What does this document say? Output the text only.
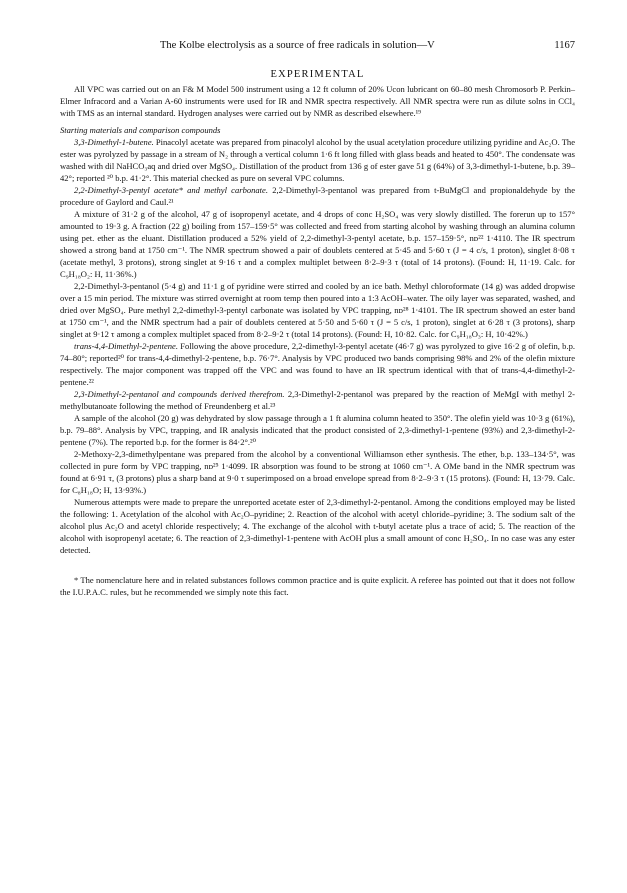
The Kolbe electrolysis as a source of free radicals in solution—V	1167
EXPERIMENTAL

All VPC was carried out on an F& M Model 500 instrument using a 12 ft column of 20% Ucon lubricant on 60–80 mesh Chromosorb P. Perkin–Elmer Infracord and a Varian A-60 instruments were used for IR and NMR spectra respectively. All NMR spectra were run as dilute solns in CCl₄ with TMS as an internal standard. Hydrogen analyses were carried out by NMR as described elsewhere.¹⁹

Starting materials and comparison compounds

3,3-Dimethyl-1-butene. Pinacolyl acetate was prepared from pinacolyl alcohol by the usual acetylation procedure utilizing pyridine and Ac₂O. The ester was pyrolyzed by passage in a stream of N₂ through a vertical column 1·6 ft long filled with glass beads and heated to 450°. The condensate was washed with dil NaHCO₃aq and dried over MgSO₄. Distillation of the product from 136 g of ester gave 51 g (64%) of 3,3-dimethyl-1-butene, b.p. 39–42°; reported ²⁰ b.p. 41·2°. This material checked as pure on several VPC columns.

2,2-Dimethyl-3-pentyl acetate* and methyl carbonate. 2,2-Dimethyl-3-pentanol was prepared from t-BuMgCl and propionaldehyde by the procedure of Gaylord and Caul.²¹

A mixture of 31·2 g of the alcohol, 47 g of isopropenyl acetate, and 4 drops of conc H₂SO₄ was very slowly distilled. The forerun up to 157° amounted to 19·3 g. A fraction (22 g) boiling from 157–159·5° was collected and freed from starting alcohol by washing through an alumina column using pet. ether as the eluant. Distillation produced a 52% yield of 2,2-dimethyl-3-pentyl acetate, b.p. 157–159·5°, nᴅ²² 1·4110. The IR spectrum showed a strong band at 1750 cm⁻¹. The NMR spectrum showed a pair of doublets centered at 5·45 and 5·60 τ (J = 4 c/s, 1 proton), singlet 8·08 τ (acetate methyl, 3 protons), strong singlet at 9·16 τ and a complex multiplet between 8·2–9·3 τ (total of 14 protons). (Found: H, 11·19. Calc. for C₉H₁₈O₂: H, 11·36%.)

2,2-Dimethyl-3-pentanol (5·4 g) and 11·1 g of pyridine were stirred and cooled by an ice bath. Methyl chloroformate (14 g) was added dropwise over a 15 min period. The mixture was stirred overnight at room temp then poured into a 1:3 AcOH–water. The oily layer was separated, washed, and dried over MgSO₄. Pure methyl 2,2-dimethyl-3-pentyl carbonate was isolated by VPC trapping, nᴅ²⁸ 1·4101. The IR spectrum showed an ester band at 1750 cm⁻¹, and the NMR spectrum had a pair of doublets centered at 5·50 and 5·60 τ (J = 5 c/s, 1 proton), singlet at 6·28 τ (3 protons), sharp singlet at 9·12 τ among a complex multiplet spaced from 8·2–9·2 τ (total 14 protons). (Found: H, 10·82. Calc. for C₉H₁₈O₃: H, 10·42%.)

trans-4,4-Dimethyl-2-pentene. Following the above procedure, 2,2-dimethyl-3-pentyl acetate (46·7 g) was pyrolyzed to give 16·2 g of olefin, b.p. 74–80°; reported²⁰ for trans-4,4-dimethyl-2-pentene, b.p. 76·7°. Analysis by VPC produced two bands comprising 98% and 2% of the olefin mixture respectively. The major component was trapped off the VPC and was found to have an IR spectrum identical with that of trans-4,4-dimethyl-2-pentene.²²

2,3-Dimethyl-2-pentanol and compounds derived therefrom. 2,3-Dimethyl-2-pentanol was prepared by the reaction of MeMgI with methyl 2-methylbutanoate following the method of Freundenberg et al.²³

A sample of the alcohol (20 g) was dehydrated by slow passage through a 1 ft alumina column heated to 350°. The olefin yield was 10·3 g (61%), b.p. 79–88°. Analysis by VPC, trapping, and IR analysis indicated that the product consisted of 2,3-dimethyl-1-pentene (93%) and 2,3-dimethyl-2-pentene (7%). The reported b.p. for the former is 84·2°.²⁰

2-Methoxy-2,3-dimethylpentane was prepared from the alcohol by a conventional Williamson ether synthesis. The ether, b.p. 133–134·5°, was collected in pure form by VPC trapping, nᴅ²⁵ 1·4099. IR absorption was found to be strong at 1060 cm⁻¹. A OMe band in the NMR spectrum was found at 6·91 τ, (3 protons) plus a sharp band at 9·0 τ superimposed on a broad envelope spread from 8·2–9·3 τ (15 protons). (Found: H, 13·79. Calc. for C₈H₁₈O; H, 13·93%.)

Numerous attempts were made to prepare the unreported acetate ester of 2,3-dimethyl-2-pentanol. Among the conditions employed may be listed the following: 1. Acetylation of the alcohol with Ac₂O–pyridine; 2. Reaction of the alcohol with acetyl chloride–pyridine; 3. The sodium salt of the alcohol plus Ac₂O and acetyl chloride respectively; 4. The exchange of the alcohol with t-butyl acetate plus a trace of acid; 5. The reaction of the alcohol with isopropenyl acetate; 6. The reaction of 2,3-dimethyl-1-pentene with AcOH plus a small amount of conc H₂SO₄. In no case was any ester detected.

* The nomenclature here and in related substances follows common practice and is quite explicit. A referee has pointed out that it does not follow the I.U.P.A.C. rules, but he recommended we simply note this fact.
